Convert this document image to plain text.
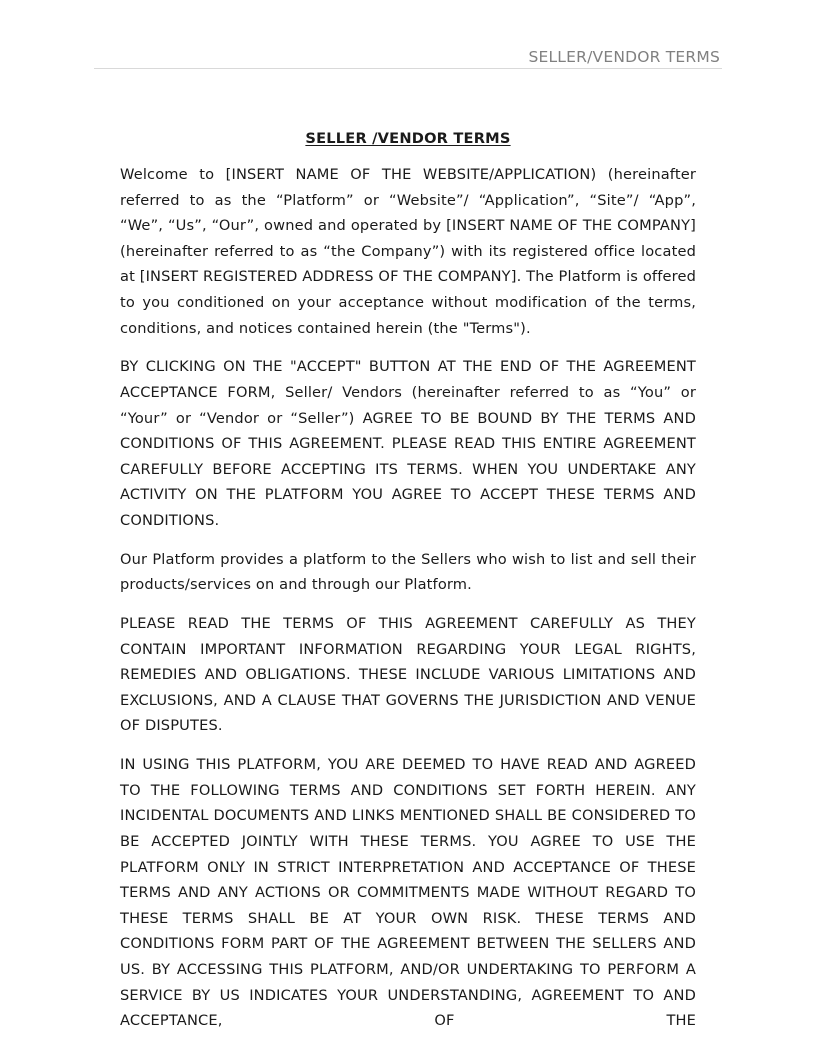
SELLER/VENDOR TERMS
SELLER /VENDOR TERMS

Welcome to [INSERT NAME OF THE WEBSITE/APPLICATION) (hereinafter referred to as the “Platform” or “Website”/ “Application”, “Site”/ “App”, “We”, “Us”, “Our”, owned and operated by [INSERT NAME OF THE COMPANY] (hereinafter referred to as “the Company”) with its registered office located at [INSERT REGISTERED ADDRESS OF THE COMPANY]. The Platform is offered to you conditioned on your acceptance without modification of the terms, conditions, and notices contained herein (the "Terms").

BY CLICKING ON THE "ACCEPT" BUTTON AT THE END OF THE AGREEMENT ACCEPTANCE FORM, Seller/ Vendors (hereinafter referred to as “You” or “Your” or “Vendor or “Seller”) AGREE TO BE BOUND BY THE TERMS AND CONDITIONS OF THIS AGREEMENT. PLEASE READ THIS ENTIRE AGREEMENT CAREFULLY BEFORE ACCEPTING ITS TERMS. WHEN YOU UNDERTAKE ANY ACTIVITY ON THE PLATFORM YOU AGREE TO ACCEPT THESE TERMS AND CONDITIONS.

Our Platform provides a platform to the Sellers who wish to list and sell their products/services on and through our Platform.

PLEASE READ THE TERMS OF THIS AGREEMENT CAREFULLY AS THEY CONTAIN IMPORTANT INFORMATION REGARDING YOUR LEGAL RIGHTS, REMEDIES AND OBLIGATIONS. THESE INCLUDE VARIOUS LIMITATIONS AND EXCLUSIONS, AND A CLAUSE THAT GOVERNS THE JURISDICTION AND VENUE OF DISPUTES.

IN USING THIS PLATFORM, YOU ARE DEEMED TO HAVE READ AND AGREED TO THE FOLLOWING TERMS AND CONDITIONS SET FORTH HEREIN. ANY INCIDENTAL DOCUMENTS AND LINKS MENTIONED SHALL BE CONSIDERED TO BE ACCEPTED JOINTLY WITH THESE TERMS. YOU AGREE TO USE THE PLATFORM ONLY IN STRICT INTERPRETATION AND ACCEPTANCE OF THESE TERMS AND ANY ACTIONS OR COMMITMENTS MADE WITHOUT REGARD TO THESE TERMS SHALL BE AT YOUR OWN RISK. THESE TERMS AND CONDITIONS FORM PART OF THE AGREEMENT BETWEEN THE SELLERS AND US. BY ACCESSING THIS PLATFORM, AND/OR UNDERTAKING TO PERFORM A SERVICE BY US INDICATES YOUR UNDERSTANDING, AGREEMENT TO AND ACCEPTANCE, OF THE
